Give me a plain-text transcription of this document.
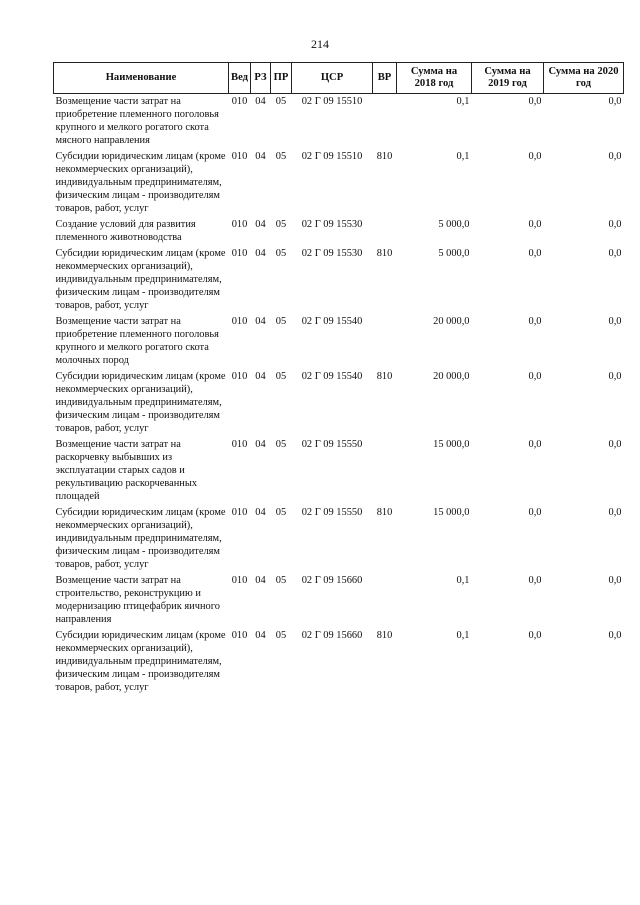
214
Наименование	Вед	РЗ	ПР	ЦСР	ВР	Сумма на 2018 год	Сумма на 2019 год	Сумма на 2020 год
Возмещение части затрат на приобретение племенного поголовья крупного и мелкого рогатого скота мясного направления	010	04	05	02 Г 09 15510		0,1	0,0	0,0
Субсидии юридическим лицам (кроме некоммерческих организаций), индивидуальным предпринимателям, физическим лицам - производителям товаров, работ, услуг	010	04	05	02 Г 09 15510	810	0,1	0,0	0,0
Создание условий для развития племенного животноводства	010	04	05	02 Г 09 15530		5 000,0	0,0	0,0
Субсидии юридическим лицам (кроме некоммерческих организаций), индивидуальным предпринимателям, физическим лицам - производителям товаров, работ, услуг	010	04	05	02 Г 09 15530	810	5 000,0	0,0	0,0
Возмещение части затрат на приобретение племенного поголовья крупного и мелкого рогатого скота молочных пород	010	04	05	02 Г 09 15540		20 000,0	0,0	0,0
Субсидии юридическим лицам (кроме некоммерческих организаций), индивидуальным предпринимателям, физическим лицам - производителям товаров, работ, услуг	010	04	05	02 Г 09 15540	810	20 000,0	0,0	0,0
Возмещение части затрат на раскорчевку выбывших из эксплуатации старых садов и рекультивацию раскорчеванных площадей	010	04	05	02 Г 09 15550		15 000,0	0,0	0,0
Субсидии юридическим лицам (кроме некоммерческих организаций), индивидуальным предпринимателям, физическим лицам - производителям товаров, работ, услуг	010	04	05	02 Г 09 15550	810	15 000,0	0,0	0,0
Возмещение части затрат на строительство, реконструкцию и модернизацию птицефабрик яичного направления	010	04	05	02 Г 09 15660		0,1	0,0	0,0
Субсидии юридическим лицам (кроме некоммерческих организаций), индивидуальным предпринимателям, физическим лицам - производителям товаров, работ, услуг	010	04	05	02 Г 09 15660	810	0,1	0,0	0,0
